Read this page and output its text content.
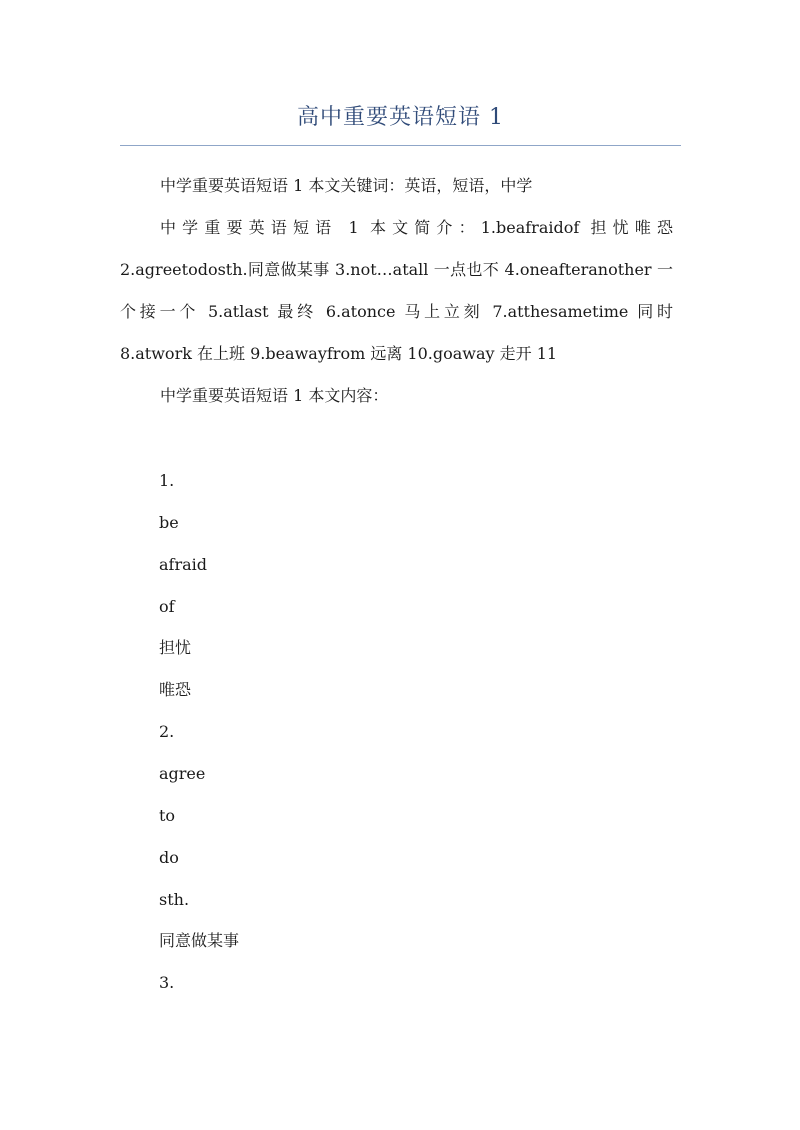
高中重要英语短语 1

中学重要英语短语 1 本文关键词：英语，短语，中学

中学重要英语短语 1 本文简介：1.beafraidof 担忧唯恐 2.agreetodosth.同意做某事 3.not…atall 一点也不 4.oneafteranother 一个接一个 5.atlast 最终 6.atonce 马上立刻 7.atthesametime 同时 8.atwork 在上班 9.beawayfrom 远离 10.goaway 走开 11

中学重要英语短语 1 本文内容：

1.
be
afraid
of
担忧
唯恐
2.
agree
to
do
sth.
同意做某事
3.
